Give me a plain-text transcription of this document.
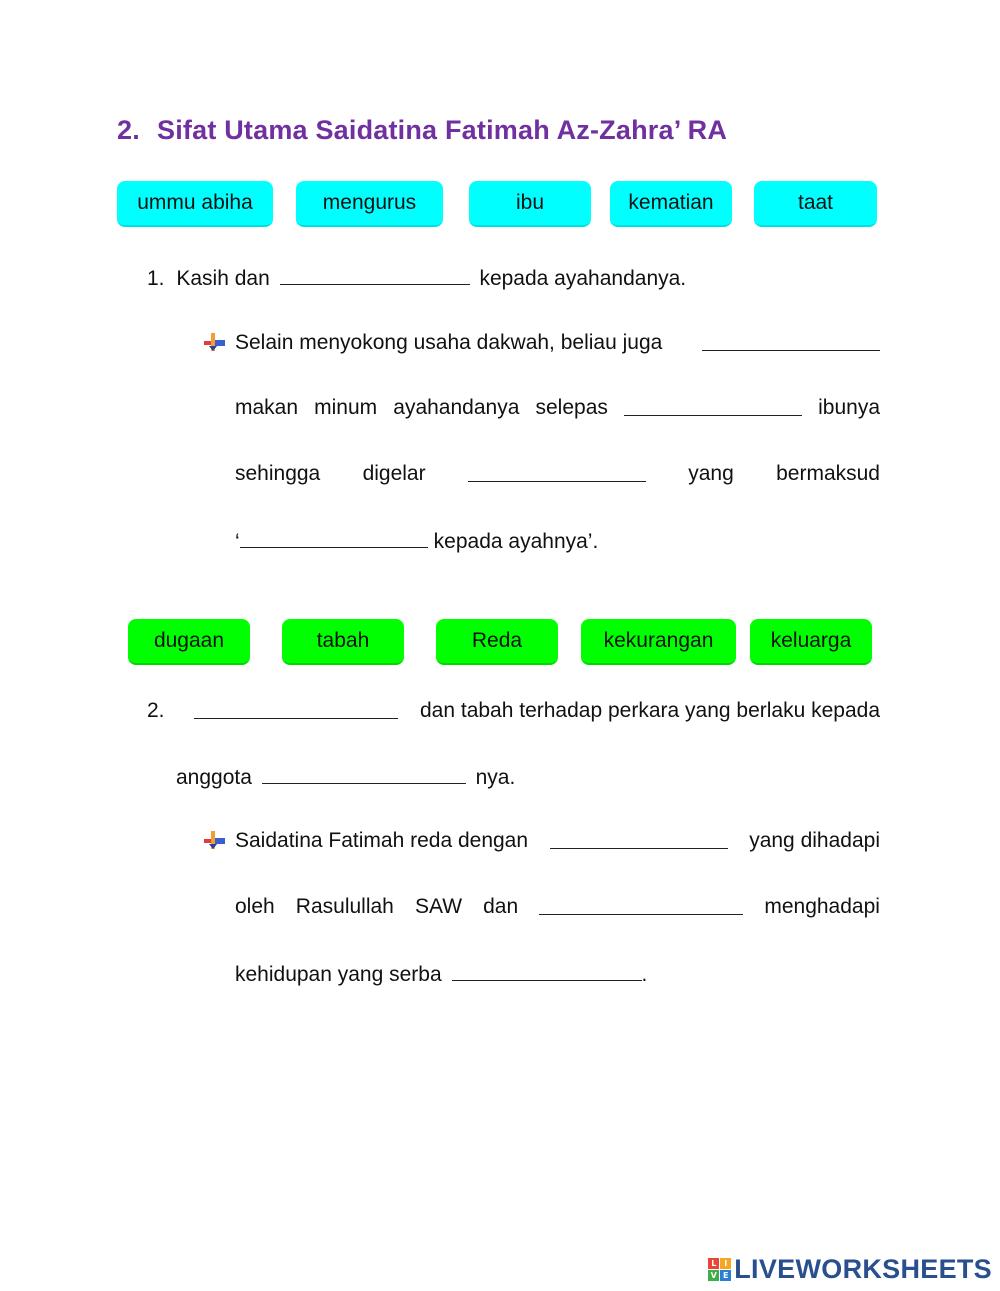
2. Sifat Utama Saidatina Fatimah Az-Zahra’ RA
ummu abiha	mengurus	ibu	kematian	taat
1. Kasih dan	kepada ayahandanya.
Selain menyokong usaha dakwah, beliau juga
makan minum ayahandanya selepas	ibunya
sehingga digelar	yang bermaksud
‘	kepada ayahnya’.
dugaan	tabah	Reda	kekurangan	keluarga
2.	dan tabah terhadap perkara yang berlaku kepada
anggota	nya.
Saidatina Fatimah reda dengan	yang dihadapi
oleh Rasulullah SAW dan	menghadapi
kehidupan yang serba	.
L I
V E LIVEWORKSHEETS
